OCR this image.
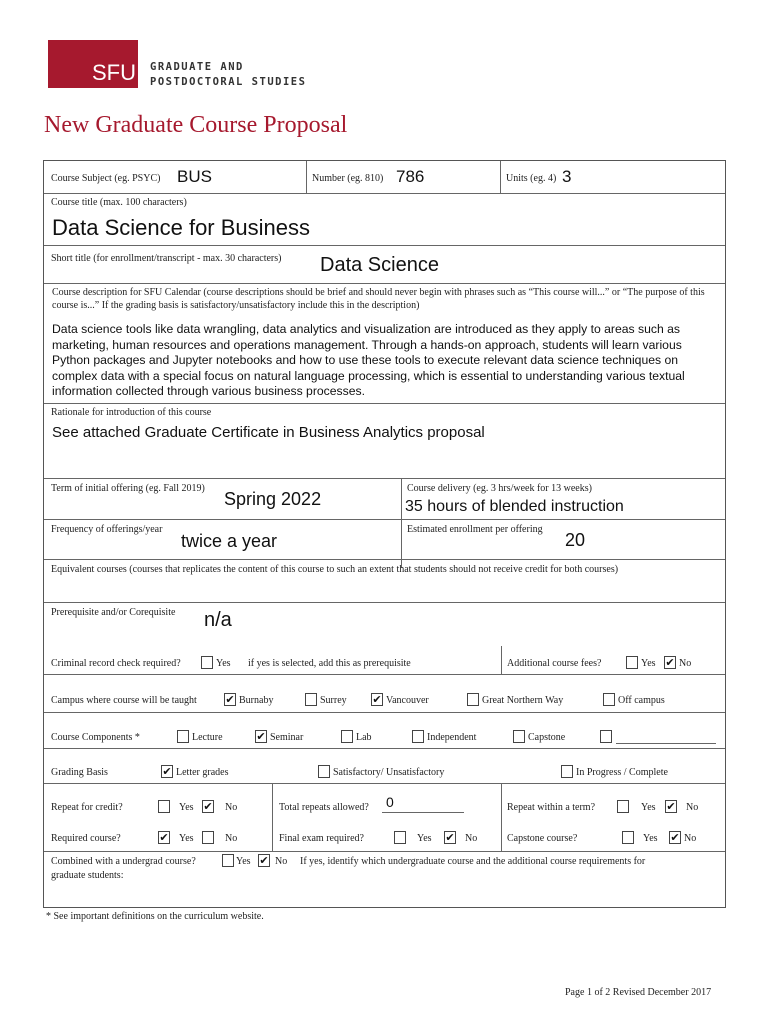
SFU GRADUATE AND
POSTDOCTORAL STUDIES
New Graduate Course Proposal
Course Subject (eg. PSYC) BUS	Number (eg. 810) 786	Units (eg. 4) 3
Course title (max. 100 characters)
Data Science for Business
Short title (for enrollment/transcript - max. 30 characters) Data Science
Course description for SFU Calendar (course descriptions should be brief and should never begin with phrases such as “This course will...” or “The purpose of this course is...” If the grading basis is satisfactory/unsatisfactory include this in the description)
Data science tools like data wrangling, data analytics and visualization are introduced as they apply to areas such as marketing, human resources and operations management. Through a hands-on approach, students will learn various Python packages and Jupyter notebooks and how to use these tools to execute relevant data science techniques on complex data with a special focus on natural language processing, which is essential to understanding various textual information collected through various business processes.
Rationale for introduction of this course
See attached Graduate Certificate in Business Analytics proposal
Term of initial offering (eg. Fall 2019)
Spring 2022
Course delivery (eg. 3 hrs/week for 13 weeks)
35 hours of blended instruction
Frequency of offerings/year
twice a year
Estimated enrollment per offering
20
Equivalent courses (courses that replicates the content of this course to such an extent that students should not receive credit for both courses)
Prerequisite and/or Corequisite n/a
Criminal record check required?	Yes if yes is selected, add this as prerequisite	Additional course fees?	Yes ✔ No
Campus where course will be taught	✔ Burnaby	Surrey ✔ Vancouver	Great Northern Way	Off campus
Course Components *	Lecture	✔ Seminar	Lab	Independent	Capstone
Grading Basis	✔ Letter grades	Satisfactory/ Unsatisfactory	In Progress / Complete
Repeat for credit?	Yes ✔ No	Total repeats allowed? 0	Repeat within a term?	Yes ✔ No
Required course?	✔ Yes	No	Final exam required?	Yes ✔ No	Capstone course?	Yes ✔ No
Combined with a undergrad course?	Yes ✔ No If yes, identify which undergraduate course and the additional course requirements for
graduate students:
* See important definitions on the curriculum website.
Page 1 of 2 Revised December 2017
